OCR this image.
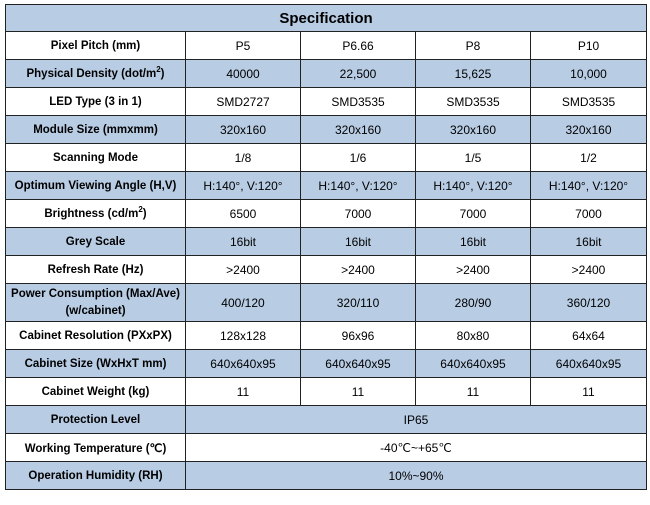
Specification				
Pixel Pitch (mm)	P5	P6.66	P8	P10
Physical Density $(dot/m^2)$	40000	22,500	15,625	10,000
LED Type (3 in 1)	SMD2727	SMD3535	SMD3535	SMD3535
Module Size (mmxmm)	320x160	320x160	320x160	320x160
Scanning Mode	1/8	1/6	1/5	1/2
Optimum Viewing Angle (H,V)	H:140°, V:120°	H:140°, V:120°	H:140°, V:120°	H:140°, V:120°
Brightness $(cd/m^2)$	6500	7000	7000	7000
Grey Scale	16bit	16bit	16bit	16bit
Refresh Rate (Hz)	>2400	>2400	>2400	>2400
Power Consumption (Max/Ave) (w/cabinet)	400/120	320/110	280/90	360/120
Cabinet Resolution (PXxPX)	128x128	96x96	80x80	64x64
Cabinet Size (WxHxT mm)	640x640x95	640x640x95	640x640x95	640x640x95
Cabinet Weight (kg)	11	11	11	11
Protection Level	IP65			
Working Temperature (℃)	-40℃~+65℃			
Operation Humidity (RH)	10%~90%			
